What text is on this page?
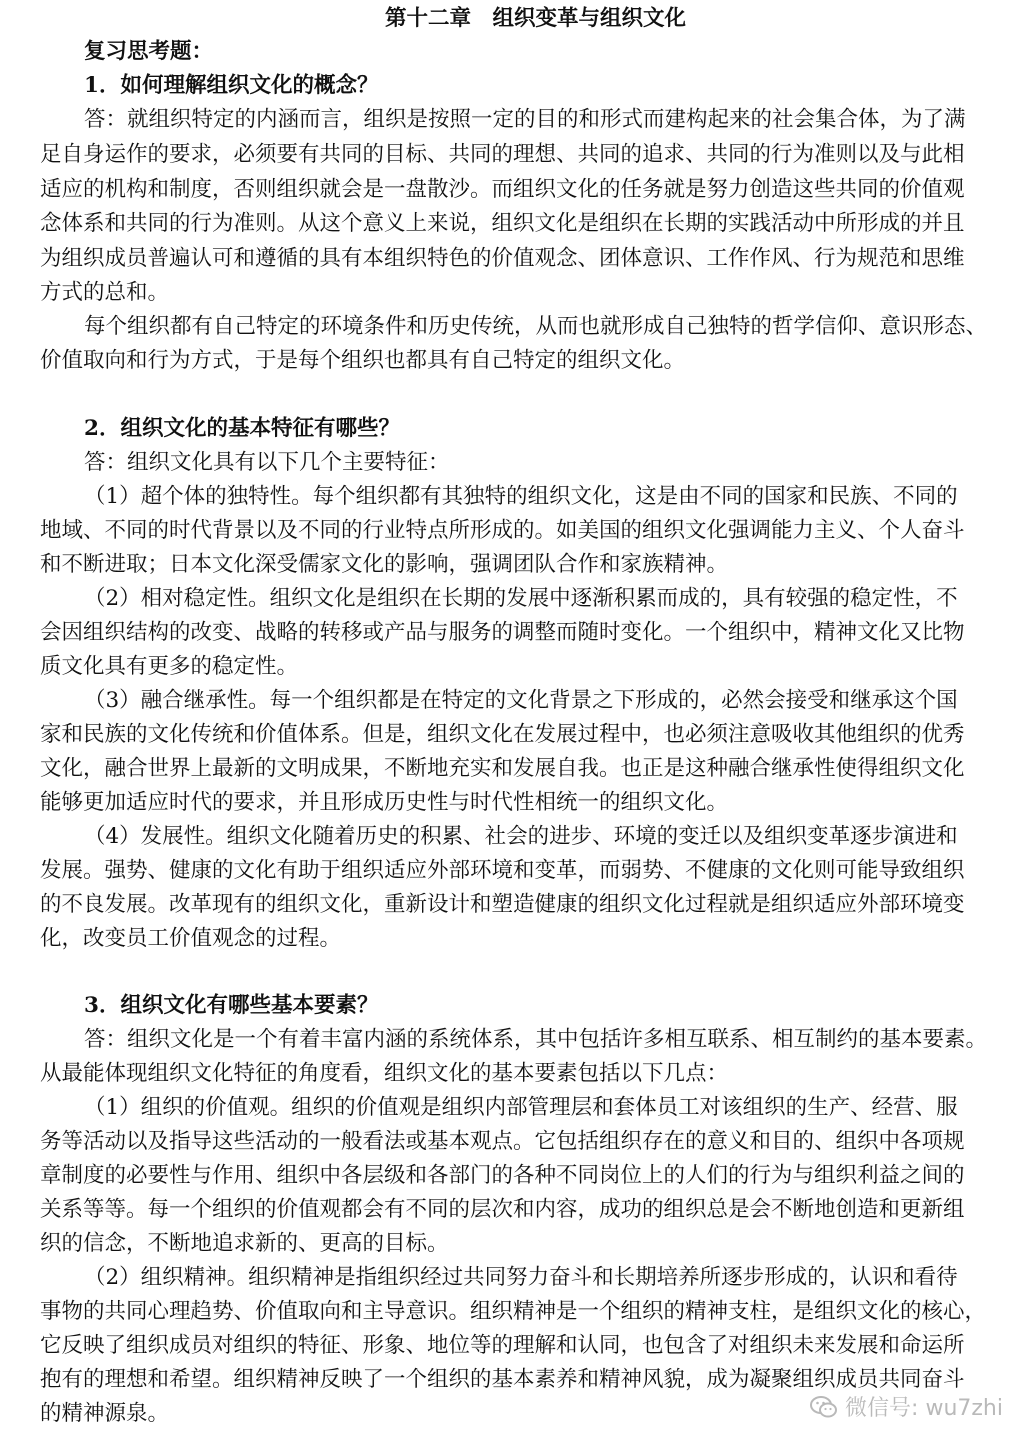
第十二章　组织变革与组织文化
复习思考题：
1．如何理解组织文化的概念？
答：就组织特定的内涵而言，组织是按照一定的目的和形式而建构起来的社会集合体，为了满
足自身运作的要求，必须要有共同的目标、共同的理想、共同的追求、共同的行为准则以及与此相
适应的机构和制度，否则组织就会是一盘散沙。而组织文化的任务就是努力创造这些共同的价值观
念体系和共同的行为准则。从这个意义上来说，组织文化是组织在长期的实践活动中所形成的并且
为组织成员普遍认可和遵循的具有本组织特色的价值观念、团体意识、工作作风、行为规范和思维
方式的总和。
每个组织都有自己特定的环境条件和历史传统，从而也就形成自己独特的哲学信仰、意识形态、
价值取向和行为方式，于是每个组织也都具有自己特定的组织文化。
2．组织文化的基本特征有哪些？
答：组织文化具有以下几个主要特征：
（1）超个体的独特性。每个组织都有其独特的组织文化，这是由不同的国家和民族、不同的
地域、不同的时代背景以及不同的行业特点所形成的。如美国的组织文化强调能力主义、个人奋斗
和不断进取；日本文化深受儒家文化的影响，强调团队合作和家族精神。
（2）相对稳定性。组织文化是组织在长期的发展中逐渐积累而成的，具有较强的稳定性，不
会因组织结构的改变、战略的转移或产品与服务的调整而随时变化。一个组织中，精神文化又比物
质文化具有更多的稳定性。
（3）融合继承性。每一个组织都是在特定的文化背景之下形成的，必然会接受和继承这个国
家和民族的文化传统和价值体系。但是，组织文化在发展过程中，也必须注意吸收其他组织的优秀
文化，融合世界上最新的文明成果，不断地充实和发展自我。也正是这种融合继承性使得组织文化
能够更加适应时代的要求，并且形成历史性与时代性相统一的组织文化。
（4）发展性。组织文化随着历史的积累、社会的进步、环境的变迁以及组织变革逐步演进和
发展。强势、健康的文化有助于组织适应外部环境和变革，而弱势、不健康的文化则可能导致组织
的不良发展。改革现有的组织文化，重新设计和塑造健康的组织文化过程就是组织适应外部环境变
化，改变员工价值观念的过程。
3．组织文化有哪些基本要素？
答：组织文化是一个有着丰富内涵的系统体系，其中包括许多相互联系、相互制约的基本要素。
从最能体现组织文化特征的角度看，组织文化的基本要素包括以下几点：
（1）组织的价值观。组织的价值观是组织内部管理层和套体员工对该组织的生产、经营、服
务等活动以及指导这些活动的一般看法或基本观点。它包括组织存在的意义和目的、组织中各项规
章制度的必要性与作用、组织中各层级和各部门的各种不同岗位上的人们的行为与组织利益之间的
关系等等。每一个组织的价值观都会有不同的层次和内容，成功的组织总是会不断地创造和更新组
织的信念，不断地追求新的、更高的目标。
（2）组织精神。组织精神是指组织经过共同努力奋斗和长期培养所逐步形成的，认识和看待
事物的共同心理趋势、价值取向和主导意识。组织精神是一个组织的精神支柱，是组织文化的核心，
它反映了组织成员对组织的特征、形象、地位等的理解和认同，也包含了对组织未来发展和命运所
抱有的理想和希望。组织精神反映了一个组织的基本素养和精神风貌，成为凝聚组织成员共同奋斗
的精神源泉。	微信号: wu7zhi
